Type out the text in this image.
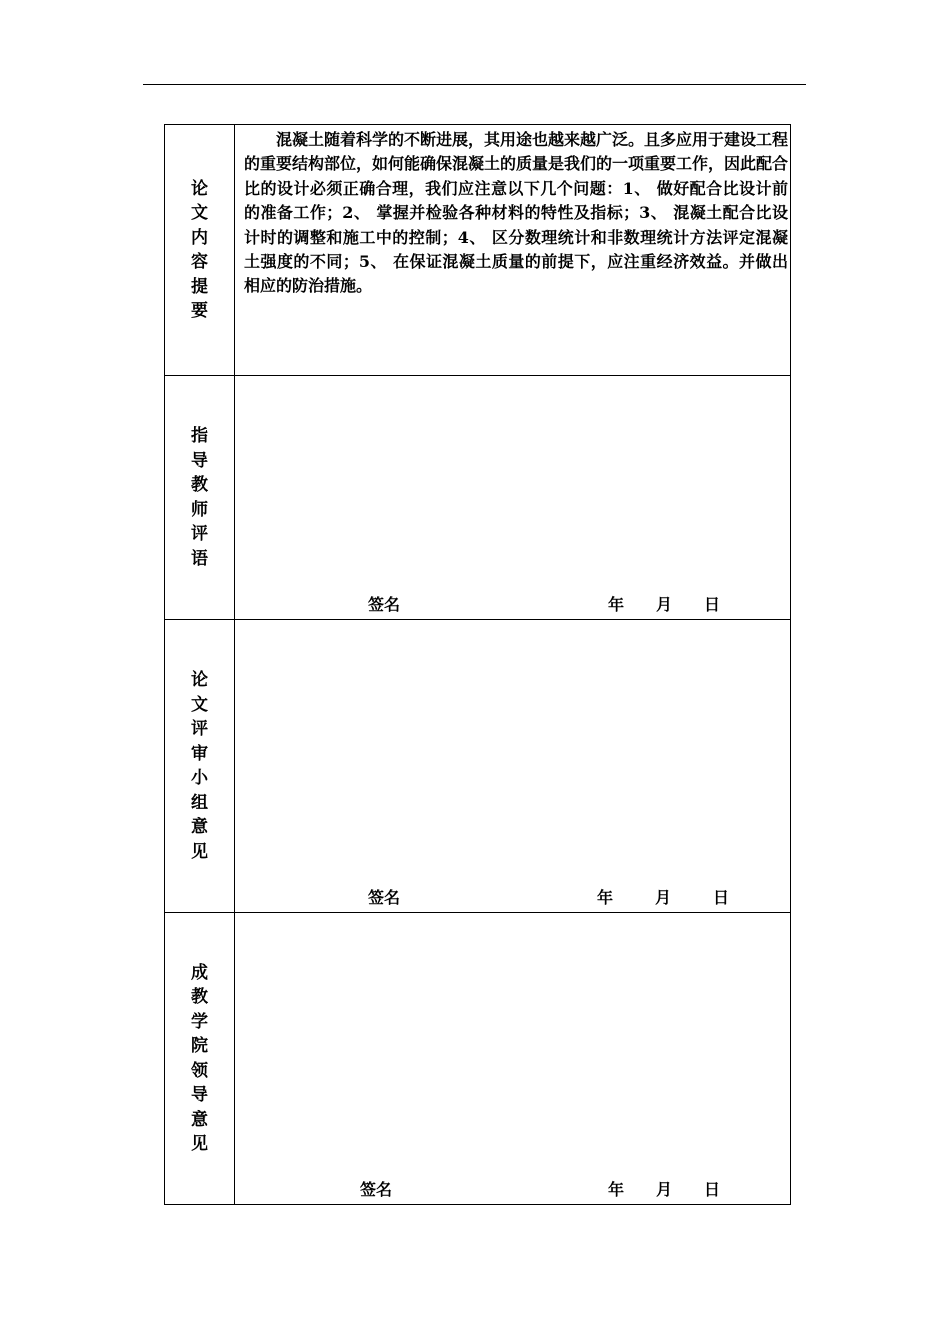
论
文
内
容
提
要

混凝土随着科学的不断进展，其用途也越来越广泛。且多应用于建设工程的重要结构部位，如何能确保混凝土的质量是我们的一项重要工作，因此配合比的设计必须正确合理，我们应注意以下几个问题：1、 做好配合比设计前的准备工作；2、 掌握并检验各种材料的特性及指标；3、 混凝土配合比设计时的调整和施工中的控制；4、 区分数理统计和非数理统计方法评定混凝土强度的不同；5、 在保证混凝土质量的前提下，应注重经济效益。并做出相应的防治措施。

指
导
教
师
评
语
签名	年 月 日
论
文
评
审
小
组
意
见
签名	年	月	日
成
教
学
院
领
导
意
见
签名	年 月 日
